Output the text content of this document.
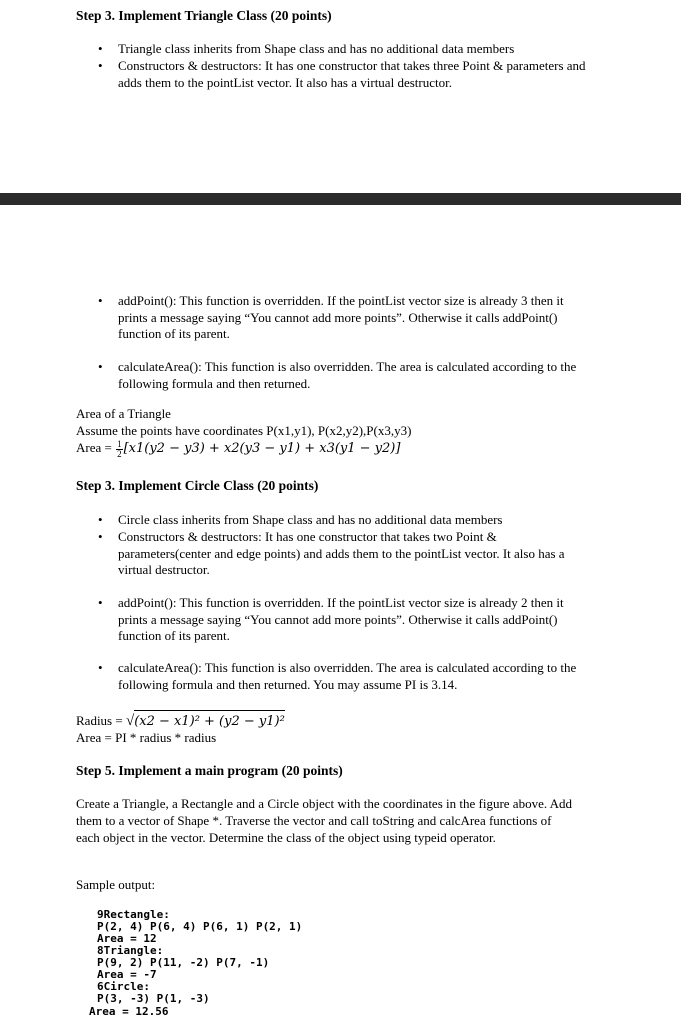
Step 3. Implement Triangle Class (20 points)
• Triangle class inherits from Shape class and has no additional data members
• Constructors & destructors: It has one constructor that takes three Point & parameters and adds them to the pointList vector. It also has a virtual destructor.
• addPoint(): This function is overridden. If the pointList vector size is already 3 then it prints a message saying “You cannot add more points”. Otherwise it calls addPoint() function of its parent.
• calculateArea(): This function is also overridden. The area is calculated according to the following formula and then returned.
Area of a Triangle
Assume the points have coordinates P(x1,y1), P(x2,y2),P(x3,y3)
Area = $\frac{1}{2} [x1(y2 - y3) + x2(y3 - y1) + x3(y1 - y2)]$
Step 3. Implement Circle Class (20 points)
• Circle class inherits from Shape class and has no additional data members
• Constructors & destructors: It has one constructor that takes two Point & parameters(center and edge points) and adds them to the pointList vector. It also has a virtual destructor.
• addPoint(): This function is overridden. If the pointList vector size is already 2 then it prints a message saying “You cannot add more points”. Otherwise it calls addPoint() function of its parent.
• calculateArea(): This function is also overridden. The area is calculated according to the following formula and then returned. You may assume PI is 3.14.
Radius = √(x2 − x1)² + (y2 − y1)²
Area = PI * radius * radius
Step 5. Implement a main program (20 points)
Create a Triangle, a Rectangle and a Circle object with the coordinates in the figure above. Add them to a vector of Shape *. Traverse the vector and call toString and calcArea functions of each object in the vector. Determine the class of the object using typeid operator.
Sample output:
9Rectangle:
P(2, 4) P(6, 4) P(6, 1) P(2, 1)
Area = 12
8Triangle:
P(9, 2) P(11, -2) P(7, -1)
Area = -7
6Circle:
P(3, -3) P(1, -3)
Area = 12.56
